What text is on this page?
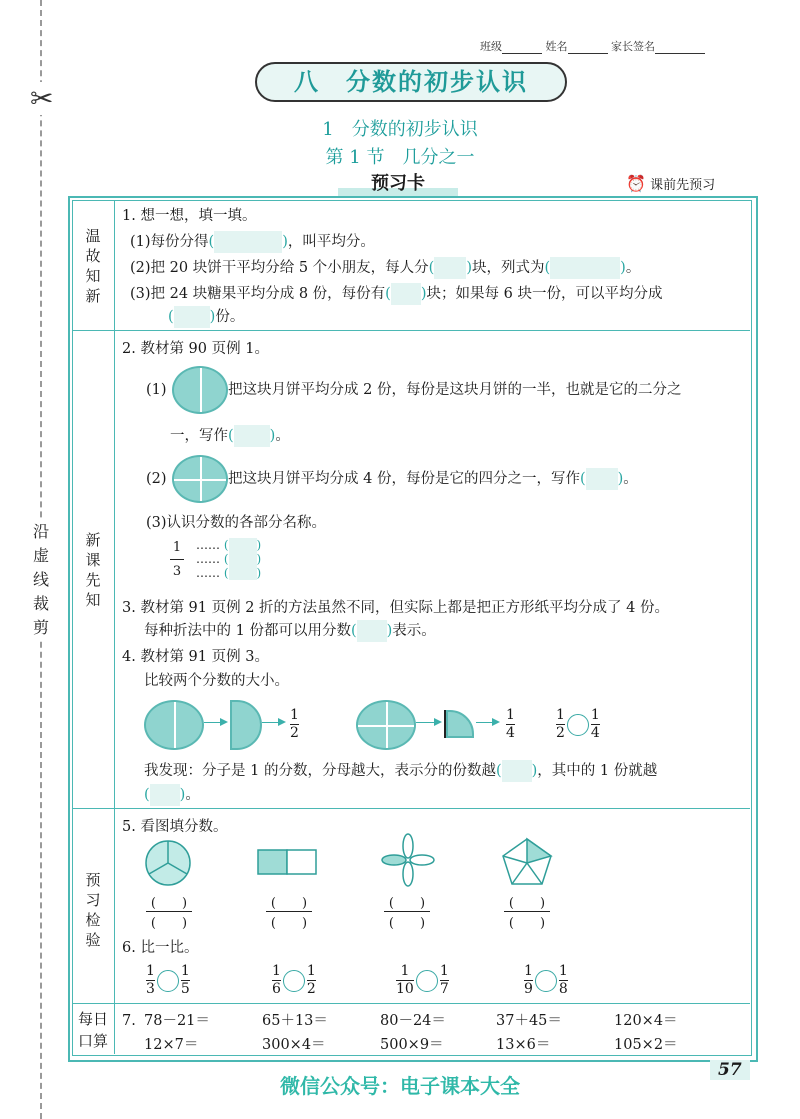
✂
沿
虚
线
裁
剪
班级	姓名	家长签名
八　分数的初步认识
1　分数的初步认识
第 1 节　几分之一
预习卡	⏰ 课前先预习
温
故
知
新
新
课
先
知
预
习
检
验
每日
口算
1. 想一想，填一填。
(1)每份分得(	)，叫平均分。
(2)把 20 块饼干平均分给 5 个小朋友，每人分( )块，列式为(	)。
(3)把 24 块糖果平均分成 8 份，每份有( )块；如果每 6 块一份，可以平均分成
( )份。
2. 教材第 90 页例 1。
(1)	把这块月饼平均分成 2 份，每份是这块月饼的一半，也就是它的二分之
一，写作( )。
(2)	把这块月饼平均分成 4 份，每份是它的四分之一，写作( )。
(3)认识分数的各部分名称。
1
3
…… ( )
…… ( )
…… ( )
3. 教材第 91 页例 2 折的方法虽然不同，但实际上都是把正方形纸平均分成了 4 份。
每种折法中的 1 份都可以用分数( )表示。
4. 教材第 91 页例 3。
比较两个分数的大小。
1
2
1
4	$\frac{1}{2} \frac{1}{4}$
我发现：分子是 1 的分数，分母越大，表示分的份数越( )，其中的 1 份就越
( )。
5. 看图填分数。
(　　)
(　　)
(　　)
(　　)
(　　)
(　　)
(　　)
(　　)
6. 比一比。
$\frac{1}{3} \frac{1}{5}$	$\frac{1}{6} \frac{1}{2}$	$\frac{1}{10} \frac{1}{7}$	$\frac{1}{9} \frac{1}{8}$
7. 78－21＝	65＋13＝	80－24＝	37＋45＝	120×4＝
12×7＝	300×4＝	500×9＝	13×6＝	105×2＝
57
微信公众号：电子课本大全
